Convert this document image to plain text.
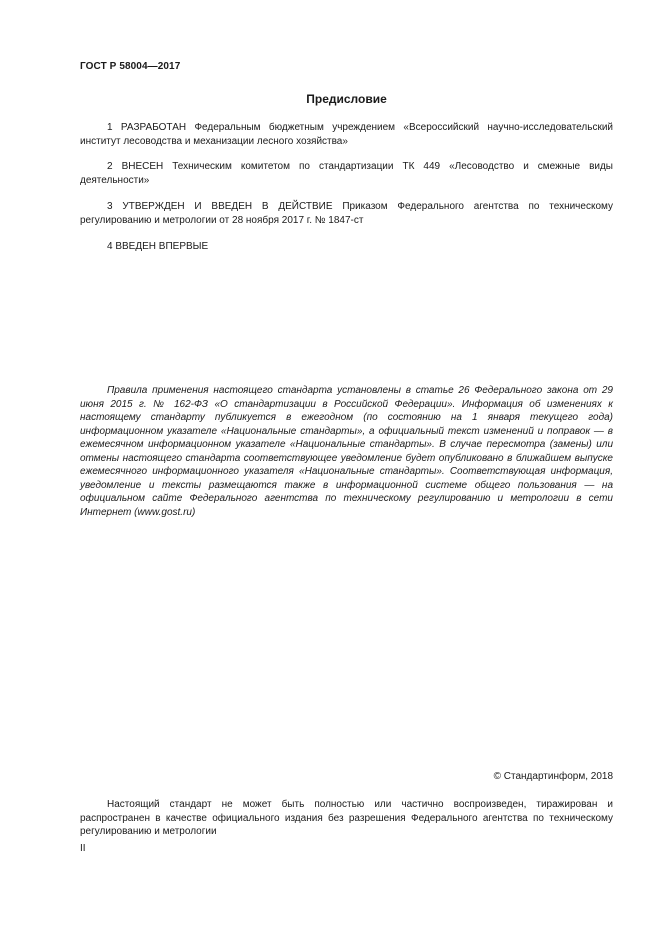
ГОСТ Р 58004—2017
Предисловие

1 РАЗРАБОТАН Федеральным бюджетным учреждением «Всероссийский научно-исследовательский институт лесоводства и механизации лесного хозяйства»

2 ВНЕСЕН Техническим комитетом по стандартизации ТК 449 «Лесоводство и смежные виды деятельности»

3 УТВЕРЖДЕН И ВВЕДЕН В ДЕЙСТВИЕ Приказом Федерального агентства по техническому регулированию и метрологии от 28 ноября 2017 г. № 1847-ст

4 ВВЕДЕН ВПЕРВЫЕ

Правила применения настоящего стандарта установлены в статье 26 Федерального закона от 29 июня 2015 г. № 162-ФЗ «О стандартизации в Российской Федерации». Информация об изменениях к настоящему стандарту публикуется в ежегодном (по состоянию на 1 января текущего года) информационном указателе «Национальные стандарты», а официальный текст изменений и поправок — в ежемесячном информационном указателе «Национальные стандарты». В случае пересмотра (замены) или отмены настоящего стандарта соответствующее уведомление будет опубликовано в ближайшем выпуске ежемесячного информационного указателя «Национальные стандарты». Соответствующая информация, уведомление и тексты размещаются также в информационной системе общего пользования — на официальном сайте Федерального агентства по техническому регулированию и метрологии в сети Интернет (www.gost.ru)

© Стандартинформ, 2018

Настоящий стандарт не может быть полностью или частично воспроизведен, тиражирован и распространен в качестве официального издания без разрешения Федерального агентства по техническому регулированию и метрологии

II
